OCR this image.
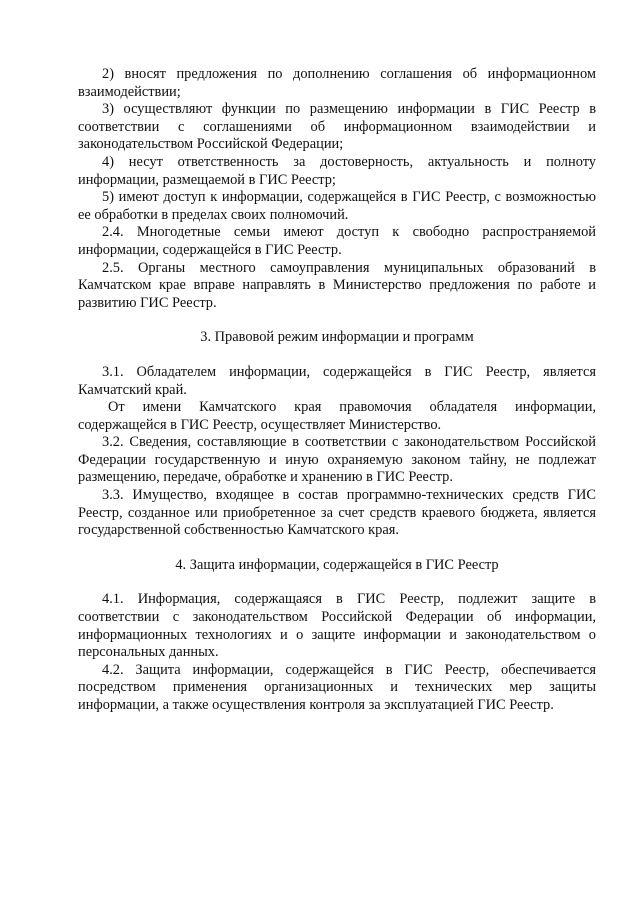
2) вносят предложения по дополнению соглашения об информационном взаимодействии;

3) осуществляют функции по размещению информации в ГИС Реестр в соответствии с соглашениями об информационном взаимодействии и законодательством Российской Федерации;

4) несут ответственность за достоверность, актуальность и полноту информации, размещаемой в ГИС Реестр;

5) имеют доступ к информации, содержащейся в ГИС Реестр, с возможностью ее обработки в пределах своих полномочий.

2.4. Многодетные семьи имеют доступ к свободно распространяемой информации, содержащейся в ГИС Реестр.

2.5. Органы местного самоуправления муниципальных образований в Камчатском крае вправе направлять в Министерство предложения по работе и развитию ГИС Реестр.

3. Правовой режим информации и программ

3.1. Обладателем информации, содержащейся в ГИС Реестр, является Камчатский край.

От имени Камчатского края правомочия обладателя информации, содержащейся в ГИС Реестр, осуществляет Министерство.

3.2. Сведения, составляющие в соответствии с законодательством Российской Федерации государственную и иную охраняемую законом тайну, не подлежат размещению, передаче, обработке и хранению в ГИС Реестр.

3.3. Имущество, входящее в состав программно-технических средств ГИС Реестр, созданное или приобретенное за счет средств краевого бюджета, является государственной собственностью Камчатского края.

4. Защита информации, содержащейся в ГИС Реестр

4.1. Информация, содержащаяся в ГИС Реестр, подлежит защите в соответствии с законодательством Российской Федерации об информации, информационных технологиях и о защите информации и законодательством о персональных данных.

4.2. Защита информации, содержащейся в ГИС Реестр, обеспечивается посредством применения организационных и технических мер защиты информации, а также осуществления контроля за эксплуатацией ГИС Реестр.
